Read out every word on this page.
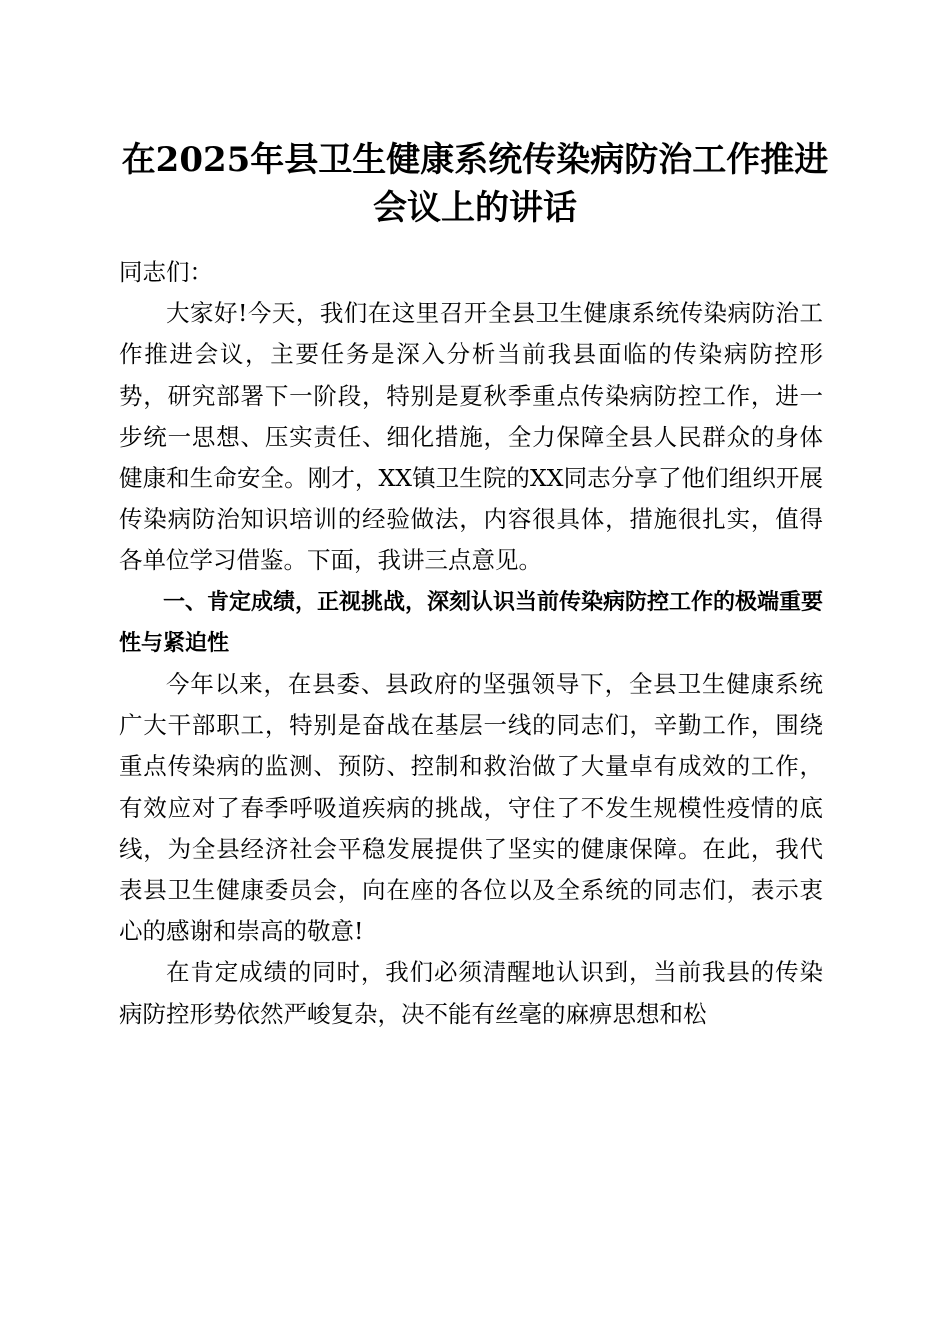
在2025年县卫生健康系统传染病防治工作推进会议上的讲话

同志们：

大家好!今天，我们在这里召开全县卫生健康系统传染病防治工作推进会议，主要任务是深入分析当前我县面临的传染病防控形势，研究部署下一阶段，特别是夏秋季重点传染病防控工作，进一步统一思想、压实责任、细化措施，全力保障全县人民群众的身体健康和生命安全。刚才，XX镇卫生院的XX同志分享了他们组织开展传染病防治知识培训的经验做法，内容很具体，措施很扎实，值得各单位学习借鉴。下面，我讲三点意见。

一、肯定成绩，正视挑战，深刻认识当前传染病防控工作的极端重要性与紧迫性

今年以来，在县委、县政府的坚强领导下，全县卫生健康系统广大干部职工，特别是奋战在基层一线的同志们，辛勤工作，围绕重点传染病的监测、预防、控制和救治做了大量卓有成效的工作，有效应对了春季呼吸道疾病的挑战，守住了不发生规模性疫情的底线，为全县经济社会平稳发展提供了坚实的健康保障。在此，我代表县卫生健康委员会，向在座的各位以及全系统的同志们，表示衷心的感谢和崇高的敬意!

在肯定成绩的同时，我们必须清醒地认识到，当前我县的传染病防控形势依然严峻复杂，决不能有丝毫的麻痹思想和松
